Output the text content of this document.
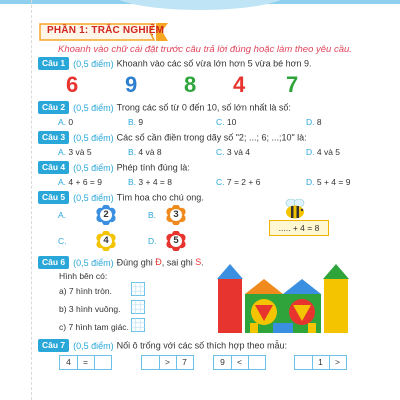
PHẦN 1: TRẮC NGHIỆM
Khoanh vào chữ cái đặt trước câu trả lời đúng hoặc làm theo yêu cầu.
Câu 1 (0,5 điểm) Khoanh vào các số vừa lớn hơn 5 vừa bé hơn 9.
6 9 8 4 7
Câu 2 (0,5 điểm) Trong các số từ 0 đến 10, số lớn nhất là số:
A. 0	B. 9	C. 10	D. 8
Câu 3 (0,5 điểm) Các số cần điền trong dãy số "2; ...; 6; ...;10" là:
A. 3 và 5	B. 4 và 8	C. 3 và 4	D. 4 và 5
Câu 4 (0,5 điểm) Phép tính đúng là:
A. 4 + 6 = 9	B. 3 + 4 = 8	C. 7 = 2 + 6	D. 5 + 4 = 9
Câu 5 (0,5 điểm) Tìm hoa cho chú ong.
A.	2	B.	3
C.	4	D.	5
..... + 4 = 8
Câu 6 (0,5 điểm) Đúng ghi Đ, sai ghi S.
Hình bên có:
a) 7 hình tròn.
b) 3 hình vuông.
c) 7 hình tam giác.
Câu 7 (0,5 điểm) Nối ô trống với các số thích hợp theo mẫu:
4	=	>	7	9	<	1	>
